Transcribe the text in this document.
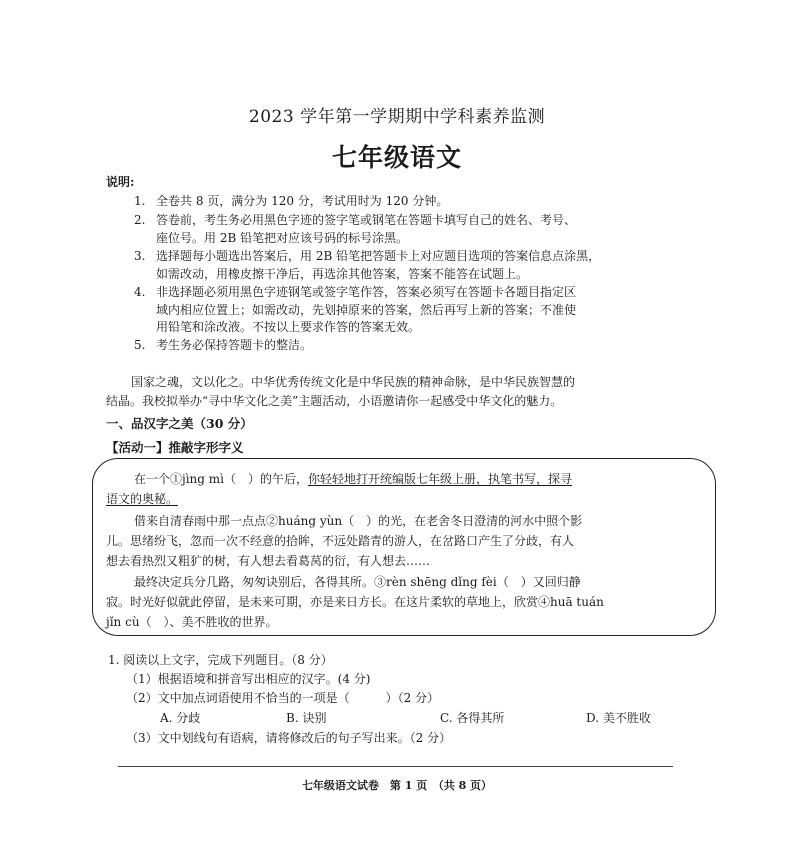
2023 学年第一学期期中学科素养监测
七年级语文
说明:
1. 全卷共 8 页，满分为 120 分，考试用时为 120 分钟。
2. 答卷前，考生务必用黑色字迹的签字笔或钢笔在答题卡填写自己的姓名、考号、
座位号。用 2B 铅笔把对应该号码的标号涂黑。
3. 选择题每小题选出答案后，用 2B 铅笔把答题卡上对应题目选项的答案信息点涂黑，
如需改动，用橡皮擦干净后，再选涂其他答案，答案不能答在试题上。
4. 非选择题必须用黑色字迹钢笔或签字笔作答，答案必须写在答题卡各题目指定区
域内相应位置上；如需改动，先划掉原来的答案，然后再写上新的答案；不准使
用铅笔和涂改液。不按以上要求作答的答案无效。
5. 考生务必保持答题卡的整洁。
国家之魂，文以化之。中华优秀传统文化是中华民族的精神命脉，是中华民族智慧的
结晶。我校拟举办“寻中华文化之美”主题活动，小语邀请你一起感受中华文化的魅力。
一、品汉字之美（30 分）
【活动一】推敲字形字义
在一个①jìng mì（　）的午后，你轻轻地打开统编版七年级上册，执笔书写，探寻
语文的奥秘。
借来自清春雨中那一点点②huáng yùn（　）的光，在老舍冬日澄清的河水中照个影
儿。思绪纷飞，忽而一次不经意的拾眸，不远处踏青的游人，在岔路口产生了分歧，有人
想去看热烈又粗犷的树，有人想去看葛莴的衍，有人想去……
最终决定兵分几路，匆匆诀别后，各得其所。③rèn shēng dǐng fèi（　）又回归静
寂。时光好似就此停留，是未来可期，亦是来日方长。在这片柔软的草地上，欣赏④huā tuán
jǐn cù（　）、美不胜收的世界。
1. 阅读以上文字，完成下列题目。（8 分）
（1）根据语境和拼音写出相应的汉字。(4 分)
（2）文中加点词语使用不恰当的一项是（　　　）（2 分）
A. 分歧	B. 诀别	C. 各得其所	D. 美不胜收
（3）文中划线句有语病，请将修改后的句子写出来。（2 分）
七年级语文试卷　第 1 页　（共 8 页）
